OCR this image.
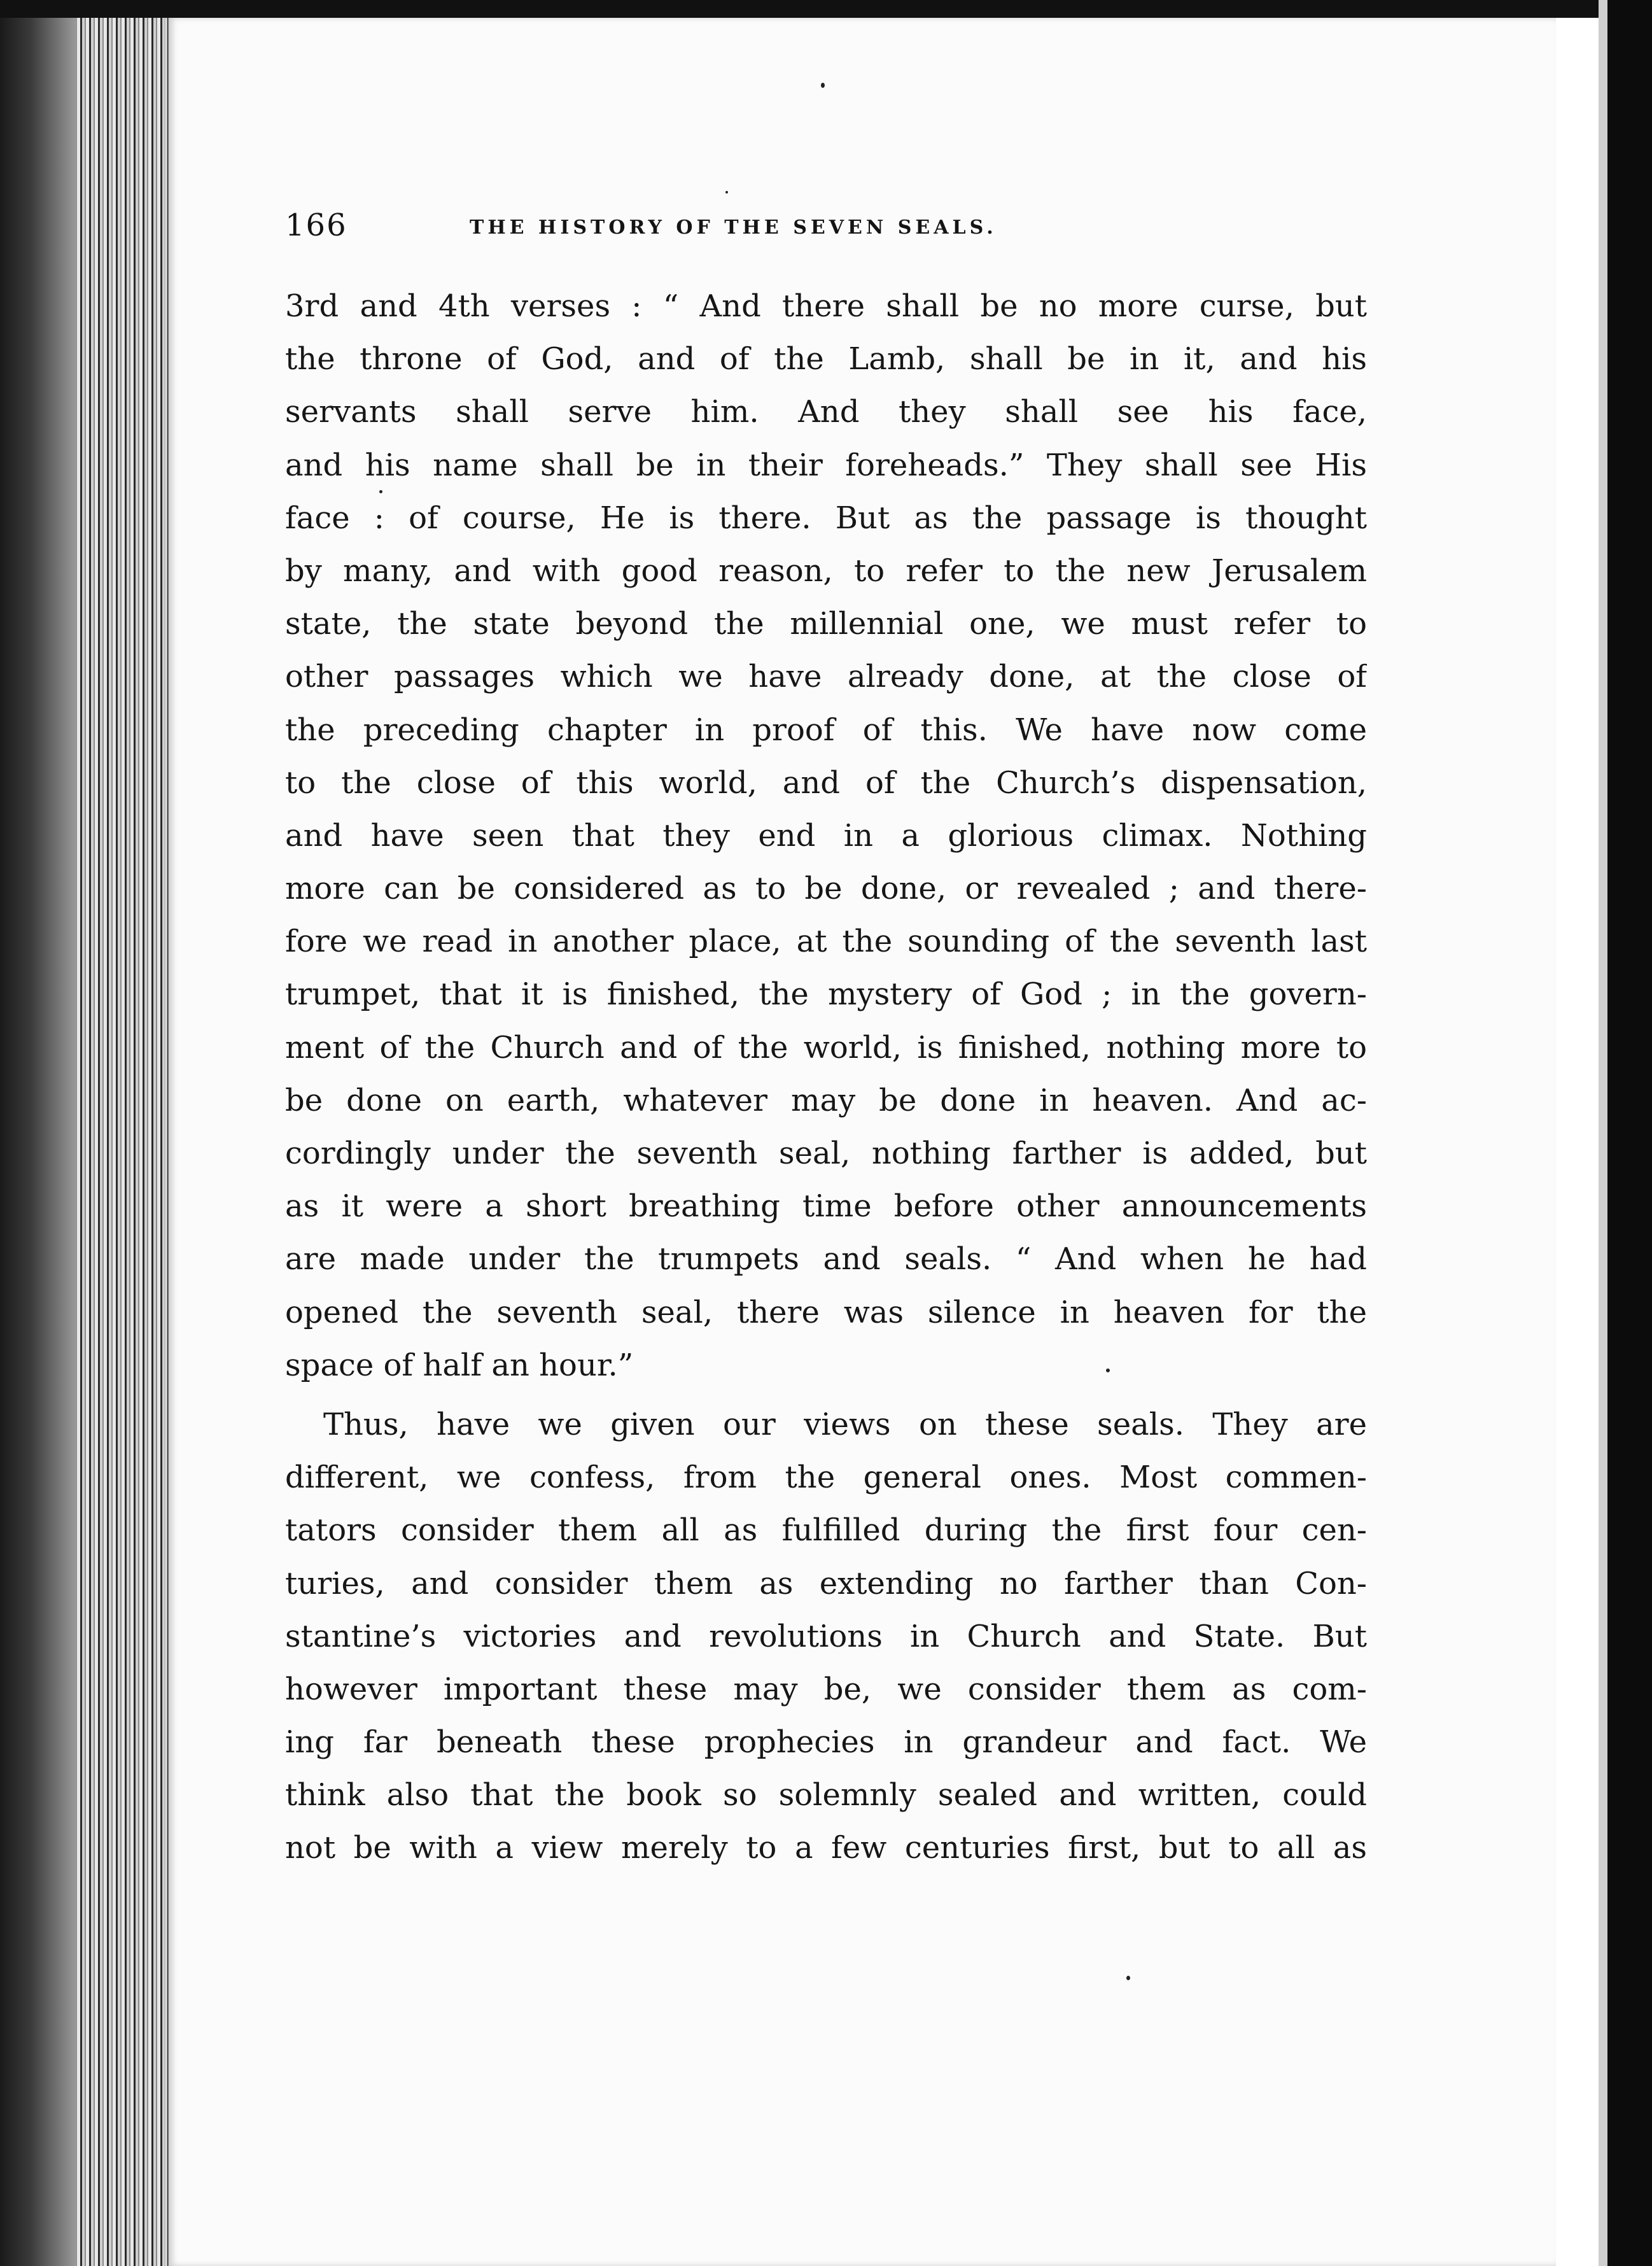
166	THE HISTORY OF THE SEVEN SEALS.
3rd and 4th verses : “ And there shall be no more curse, but
the throne of God, and of the Lamb, shall be in it, and his
servants shall serve him. And they shall see his face,
and his name shall be in their foreheads.” They shall see His
face : of course, He is there. But as the passage is thought
by many, and with good reason, to refer to the new Jerusalem
state, the state beyond the millennial one, we must refer to
other passages which we have already done, at the close of
the preceding chapter in proof of this. We have now come
to the close of this world, and of the Church’s dispensation,
and have seen that they end in a glorious climax. Nothing
more can be considered as to be done, or revealed ; and there-
fore we read in another place, at the sounding of the seventh last
trumpet, that it is finished, the mystery of God ; in the govern-
ment of the Church and of the world, is finished, nothing more to
be done on earth, whatever may be done in heaven. And ac-
cordingly under the seventh seal, nothing farther is added, but
as it were a short breathing time before other announcements
are made under the trumpets and seals. “ And when he had
opened the seventh seal, there was silence in heaven for the
space of half an hour.”
Thus, have we given our views on these seals. They are
different, we confess, from the general ones. Most commen-
tators consider them all as fulfilled during the first four cen-
turies, and consider them as extending no farther than Con-
stantine’s victories and revolutions in Church and State. But
however important these may be, we consider them as com-
ing far beneath these prophecies in grandeur and fact. We
think also that the book so solemnly sealed and written, could
not be with a view merely to a few centuries first, but to all as
